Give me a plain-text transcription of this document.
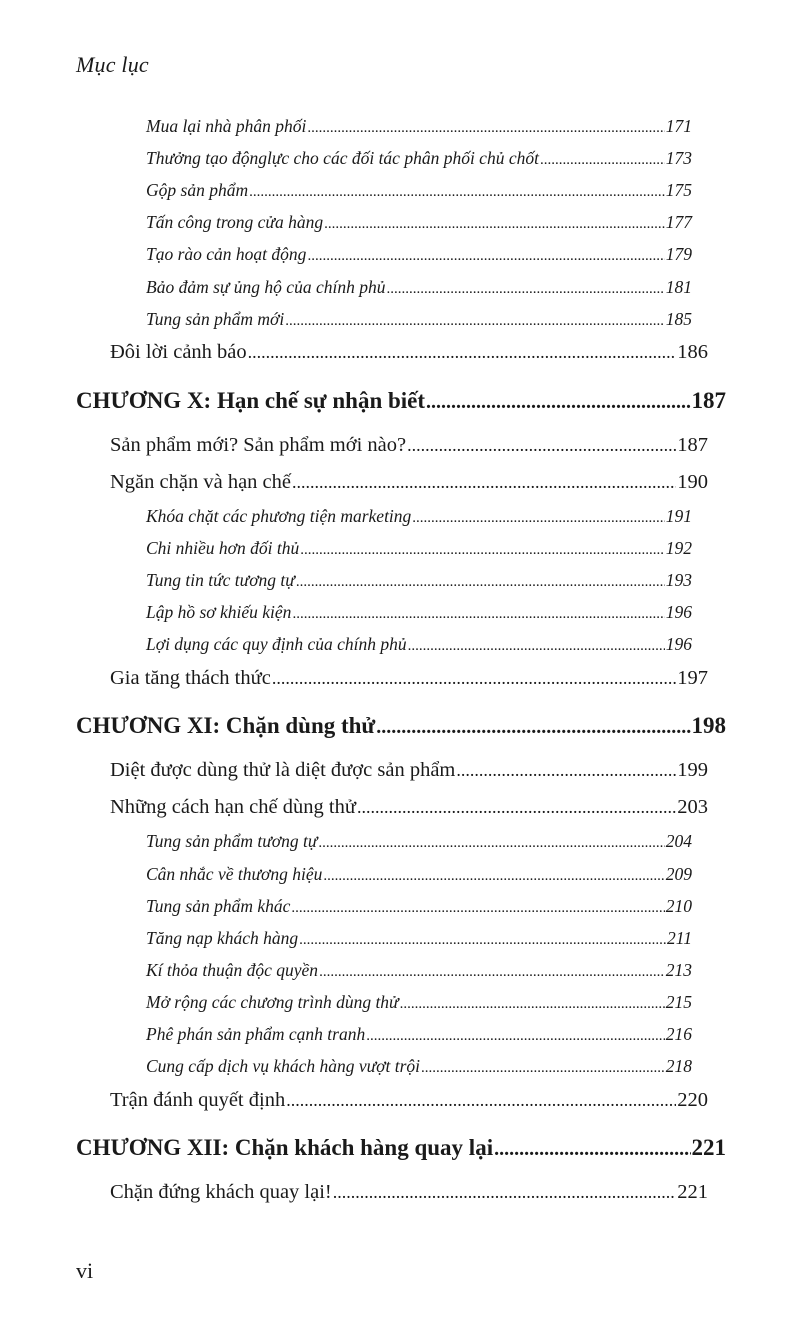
Mục lục
Mua lại nhà phân phối .....	171
Thưởng tạo độnglực cho các đối tác phân phối chủ chốt .....	173
Gộp sản phẩm .....	175
Tấn công trong cửa hàng .....	177
Tạo rào cản hoạt động .....	179
Bảo đảm sự ủng hộ của chính phủ .....	181
Tung sản phẩm mới .....	185
Đôi lời cảnh báo .....	186
CHƯƠNG X: Hạn chế sự nhận biết .....	187
Sản phẩm mới? Sản phẩm mới nào? .....	187
Ngăn chặn và hạn chế .....	190
Khóa chặt các phương tiện marketing .....	191
Chi nhiều hơn đối thủ .....	192
Tung tin tức tương tự .....	193
Lập hồ sơ khiếu kiện .....	196
Lợi dụng các quy định của chính phủ .....	196
Gia tăng thách thức .....	197
CHƯƠNG XI: Chặn dùng thử .....	198
Diệt được dùng thử là diệt được sản phẩm .....	199
Những cách hạn chế dùng thử .....	203
Tung sản phẩm tương tự .....	204
Cân nhắc về thương hiệu .....	209
Tung sản phẩm khác .....	210
Tăng nạp khách hàng .....	211
Kí thỏa thuận độc quyền .....	213
Mở rộng các chương trình dùng thử .....	215
Phê phán sản phẩm cạnh tranh .....	216
Cung cấp dịch vụ khách hàng vượt trội .....	218
Trận đánh quyết định .....	220
CHƯƠNG XII: Chặn khách hàng quay lại .....	221
Chặn đứng khách quay lại! .....	221
vi
